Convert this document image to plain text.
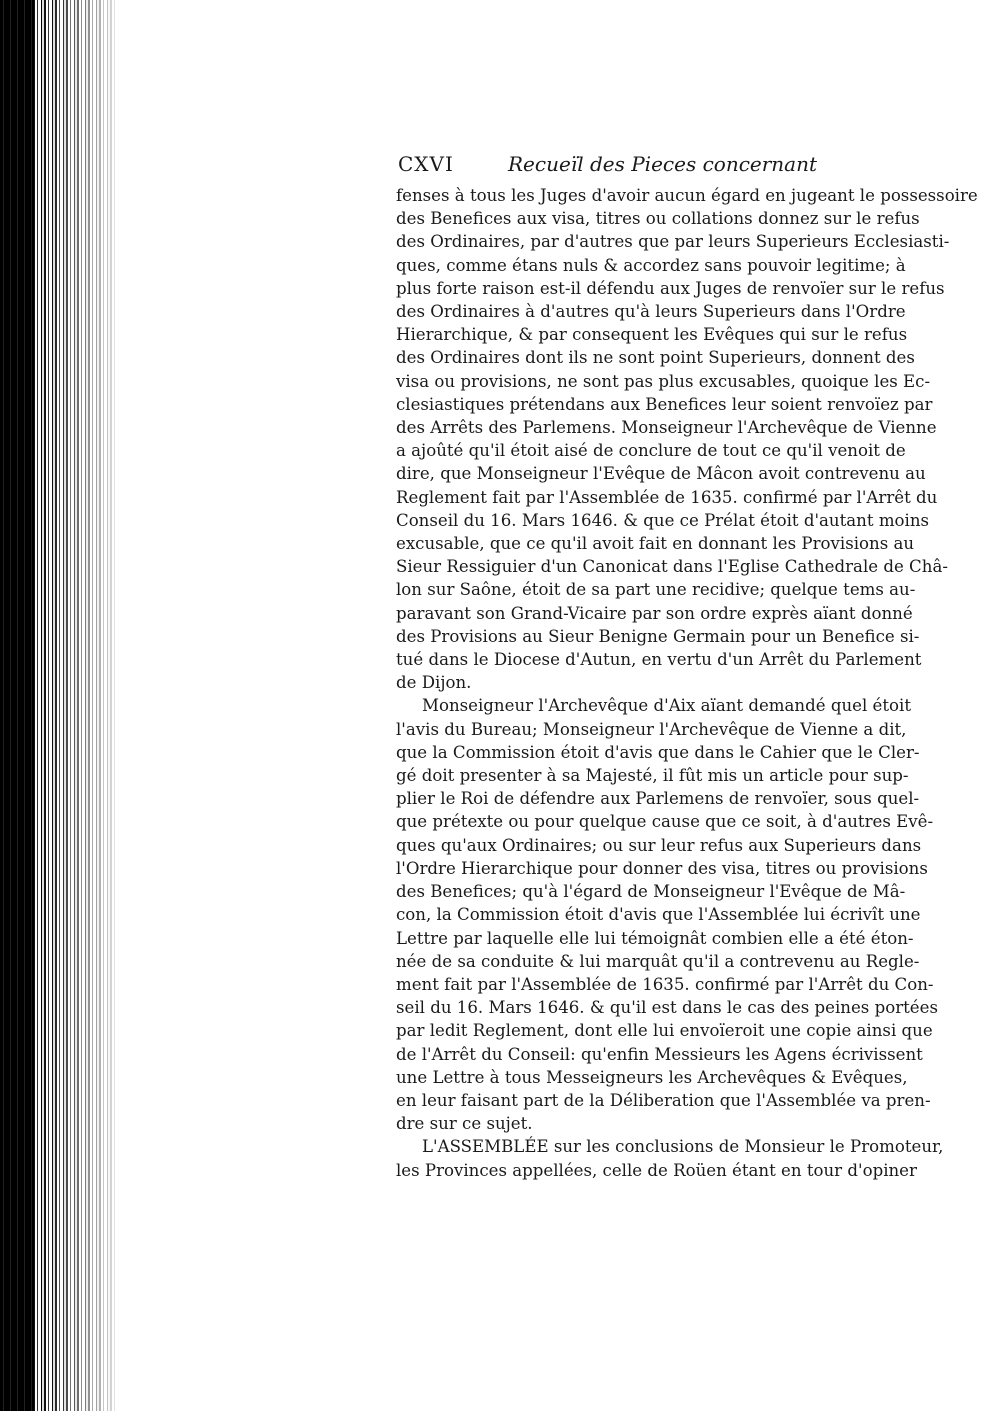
CXVI	Recueïl des Pieces concernant
fenses à tous les Juges d'avoir aucun égard en jugeant le possessoire
des Benefices aux visa, titres ou collations donnez sur le refus
des Ordinaires, par d'autres que par leurs Superieurs Ecclesiasti-
ques, comme étans nuls & accordez sans pouvoir legitime; à
plus forte raison est-il défendu aux Juges de renvoïer sur le refus
des Ordinaires à d'autres qu'à leurs Superieurs dans l'Ordre
Hierarchique, & par consequent les Evêques qui sur le refus
des Ordinaires dont ils ne sont point Superieurs, donnent des
visa ou provisions, ne sont pas plus excusables, quoique les Ec-
clesiastiques prétendans aux Benefices leur soient renvoïez par
des Arrêts des Parlemens. Monseigneur l'Archevêque de Vienne
a ajoûté qu'il étoit aisé de conclure de tout ce qu'il venoit de
dire, que Monseigneur l'Evêque de Mâcon avoit contrevenu au
Reglement fait par l'Assemblée de 1635. confirmé par l'Arrêt du
Conseil du 16. Mars 1646. & que ce Prélat étoit d'autant moins
excusable, que ce qu'il avoit fait en donnant les Provisions au
Sieur Ressiguier d'un Canonicat dans l'Eglise Cathedrale de Châ-
lon sur Saône, étoit de sa part une recidive; quelque tems au-
paravant son Grand-Vicaire par son ordre exprès aïant donné
des Provisions au Sieur Benigne Germain pour un Benefice si-
tué dans le Diocese d'Autun, en vertu d'un Arrêt du Parlement
de Dijon.
Monseigneur l'Archevêque d'Aix aïant demandé quel étoit
l'avis du Bureau; Monseigneur l'Archevêque de Vienne a dit,
que la Commission étoit d'avis que dans le Cahier que le Cler-
gé doit presenter à sa Majesté, il fût mis un article pour sup-
plier le Roi de défendre aux Parlemens de renvoïer, sous quel-
que prétexte ou pour quelque cause que ce soit, à d'autres Evê-
ques qu'aux Ordinaires; ou sur leur refus aux Superieurs dans
l'Ordre Hierarchique pour donner des visa, titres ou provisions
des Benefices; qu'à l'égard de Monseigneur l'Evêque de Mâ-
con, la Commission étoit d'avis que l'Assemblée lui écrivît une
Lettre par laquelle elle lui témoignât combien elle a été éton-
née de sa conduite & lui marquât qu'il a contrevenu au Regle-
ment fait par l'Assemblée de 1635. confirmé par l'Arrêt du Con-
seil du 16. Mars 1646. & qu'il est dans le cas des peines portées
par ledit Reglement, dont elle lui envoïeroit une copie ainsi que
de l'Arrêt du Conseil: qu'enfin Messieurs les Agens écrivissent
une Lettre à tous Messeigneurs les Archevêques & Evêques,
en leur faisant part de la Déliberation que l'Assemblée va pren-
dre sur ce sujet.
L'ASSEMBLÉE sur les conclusions de Monsieur le Promoteur,
les Provinces appellées, celle de Roüen étant en tour d'opiner
